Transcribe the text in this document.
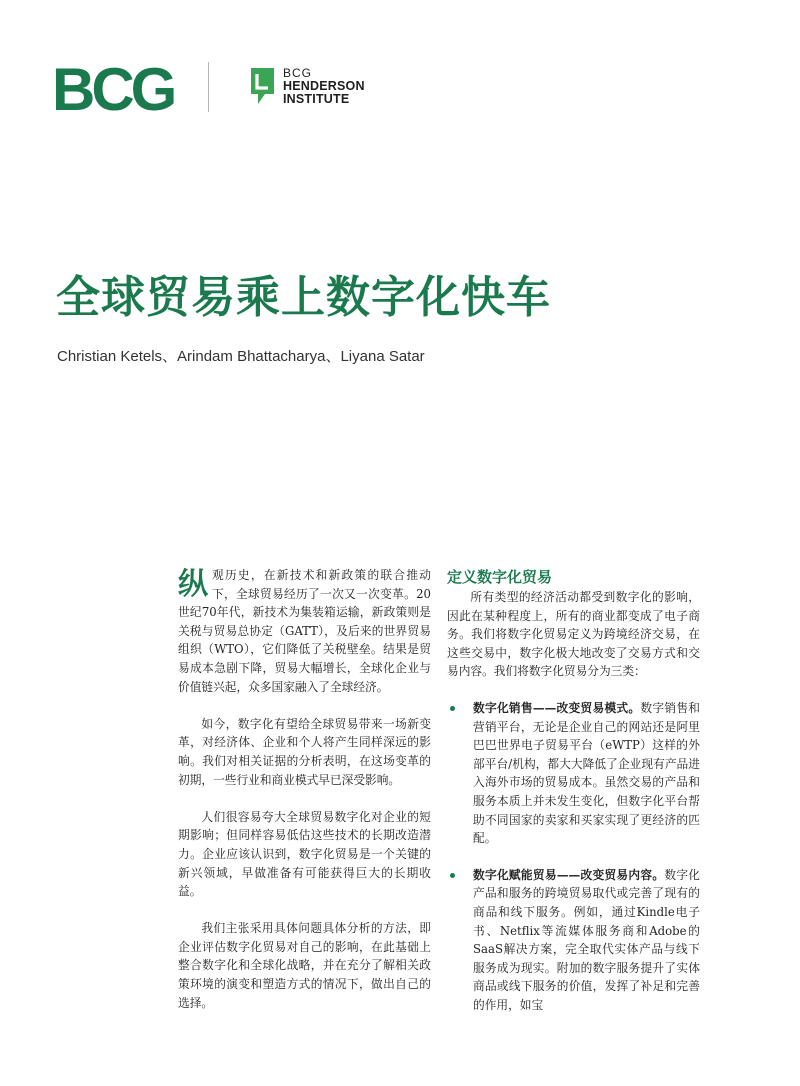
BCG	BCG
HENDERSON
INSTITUTE
全球贸易乘上数字化快车
Christian Ketels、Arindam Bhattacharya、Liyana Satar

纵观历史，在新技术和新政策的联合推动下，全球贸易经历了一次又一次变革。20世纪70年代，新技术为集装箱运输，新政策则是关税与贸易总协定（GATT），及后来的世界贸易组织（WTO），它们降低了关税壁垒。结果是贸易成本急剧下降，贸易大幅增长，全球化企业与价值链兴起，众多国家融入了全球经济。

如今，数字化有望给全球贸易带来一场新变革，对经济体、企业和个人将产生同样深远的影响。我们对相关证据的分析表明，在这场变革的初期，一些行业和商业模式早已深受影响。

人们很容易夸大全球贸易数字化对企业的短期影响；但同样容易低估这些技术的长期改造潜力。企业应该认识到，数字化贸易是一个关键的新兴领域，早做准备有可能获得巨大的长期收益。

我们主张采用具体问题具体分析的方法，即企业评估数字化贸易对自己的影响，在此基础上整合数字化和全球化战略，并在充分了解相关政策环境的演变和塑造方式的情况下，做出自己的选择。

定义数字化贸易

所有类型的经济活动都受到数字化的影响，因此在某种程度上，所有的商业都变成了电子商务。我们将数字化贸易定义为跨境经济交易，在这些交易中，数字化极大地改变了交易方式和交易内容。我们将数字化贸易分为三类：

数字化销售——改变贸易模式。数字销售和营销平台，无论是企业自己的网站还是阿里巴巴世界电子贸易平台（eWTP）这样的外部平台/机构，都大大降低了企业现有产品进入海外市场的贸易成本。虽然交易的产品和服务本质上并未发生变化，但数字化平台帮助不同国家的卖家和买家实现了更经济的匹配。
数字化赋能贸易——改变贸易内容。数字化产品和服务的跨境贸易取代或完善了现有的商品和线下服务。例如，通过Kindle电子书、Netflix等流媒体服务商和Adobe的SaaS解决方案，完全取代实体产品与线下服务成为现实。附加的数字服务提升了实体商品或线下服务的价值，发挥了补足和完善的作用，如宝
